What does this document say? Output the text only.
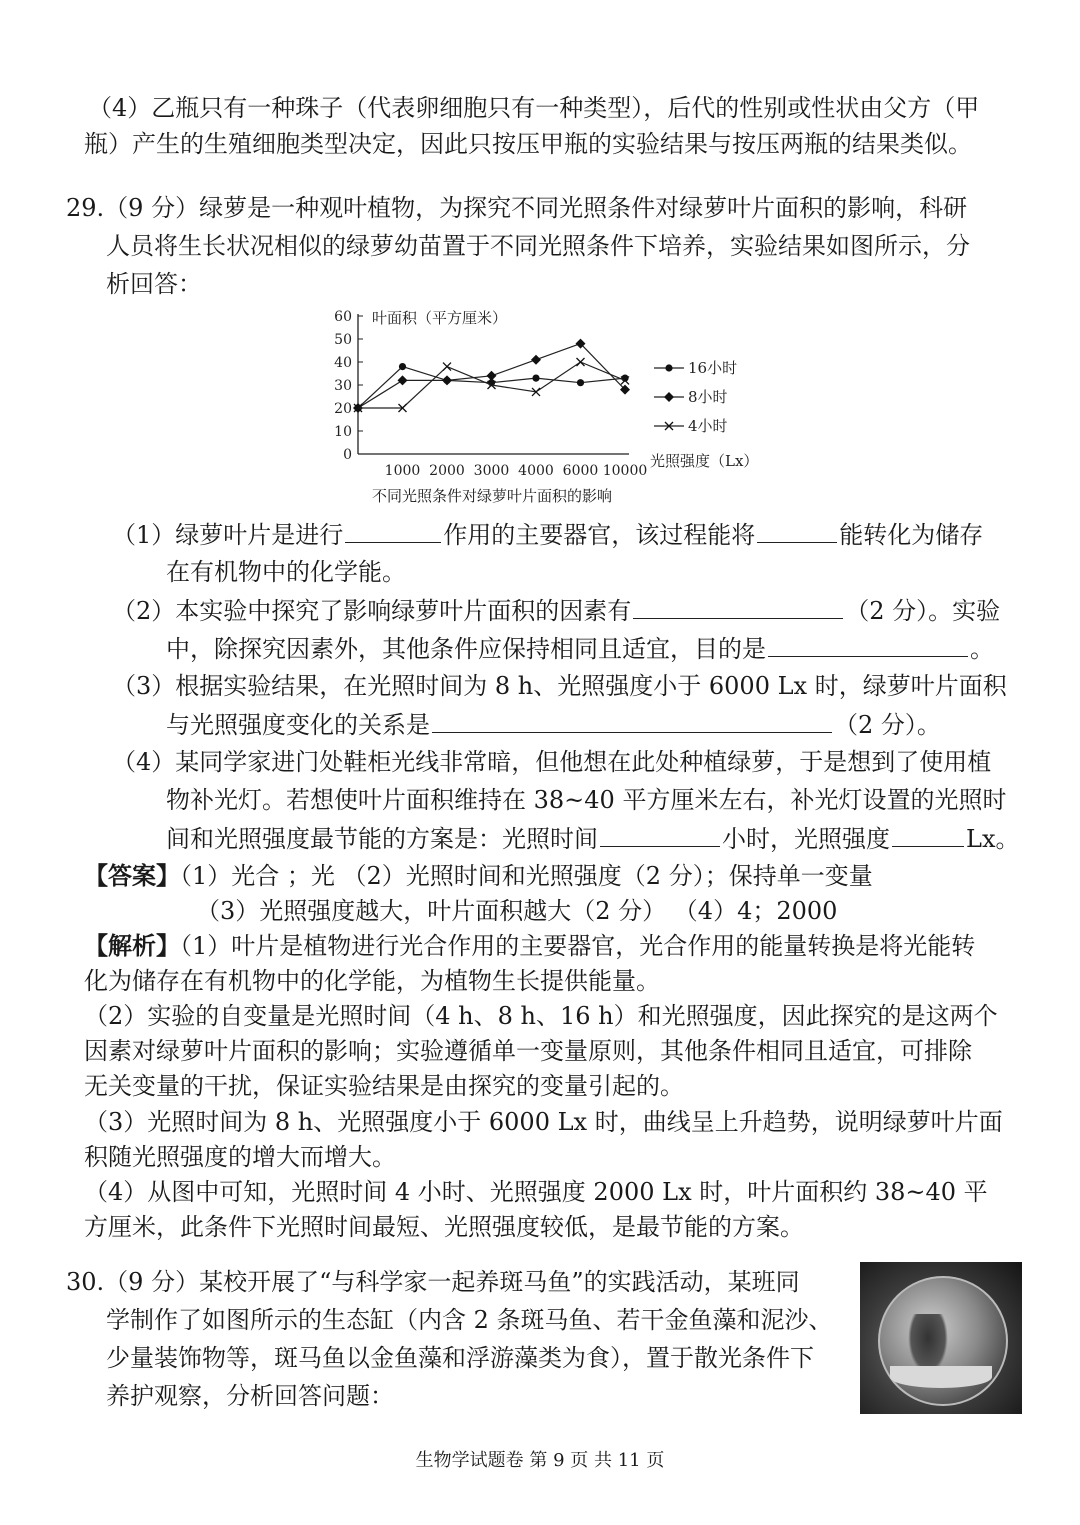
（4）乙瓶只有一种珠子（代表卵细胞只有一种类型），后代的性别或性状由父方（甲
瓶）产生的生殖细胞类型决定，因此只按压甲瓶的实验结果与按压两瓶的结果类似。
29.（9 分）绿萝是一种观叶植物，为探究不同光照条件对绿萝叶片面积的影响，科研
人员将生长状况相似的绿萝幼苗置于不同光照条件下培养，实验结果如图所示，分
析回答：
0
10
20
30
40
50
60
1000 2000 3000 4000 6000 10000
16小时
8小时
4小时
叶面积（平方厘米）
光照强度（Lx）
不同光照条件对绿萝叶片面积的影响
（1）绿萝叶片是进行	作用的主要器官，该过程能将	能转化为储存
在有机物中的化学能。
（2）本实验中探究了影响绿萝叶片面积的因素有	（2 分）。实验
中，除探究因素外，其他条件应保持相同且适宜，目的是	。
（3）根据实验结果，在光照时间为 8 h、光照强度小于 6000 Lx 时，绿萝叶片面积
与光照强度变化的关系是	（2 分）。
（4）某同学家进门处鞋柜光线非常暗，但他想在此处种植绿萝，于是想到了使用植
物补光灯。若想使叶片面积维持在 38~40 平方厘米左右，补光灯设置的光照时
间和光照强度最节能的方案是：光照时间	小时，光照强度	Lx。
【答案】（1）光合 ；光 （2）光照时间和光照强度（2 分）；保持单一变量
（3）光照强度越大，叶片面积越大（2 分） （4）4；2000
【解析】（1）叶片是植物进行光合作用的主要器官，光合作用的能量转换是将光能转
化为储存在有机物中的化学能，为植物生长提供能量。
（2）实验的自变量是光照时间（4 h、8 h、16 h）和光照强度，因此探究的是这两个
因素对绿萝叶片面积的影响；实验遵循单一变量原则，其他条件相同且适宜，可排除
无关变量的干扰，保证实验结果是由探究的变量引起的。
（3）光照时间为 8 h、光照强度小于 6000 Lx 时，曲线呈上升趋势，说明绿萝叶片面
积随光照强度的增大而增大。
（4）从图中可知，光照时间 4 小时、光照强度 2000 Lx 时，叶片面积约 38~40 平
方厘米，此条件下光照时间最短、光照强度较低，是最节能的方案。
30.（9 分）某校开展了“与科学家一起养斑马鱼”的实践活动，某班同
学制作了如图所示的生态缸（内含 2 条斑马鱼、若干金鱼藻和泥沙、
少量装饰物等，斑马鱼以金鱼藻和浮游藻类为食），置于散光条件下
养护观察，分析回答问题：
生物学试题卷 第 9 页 共 11 页
